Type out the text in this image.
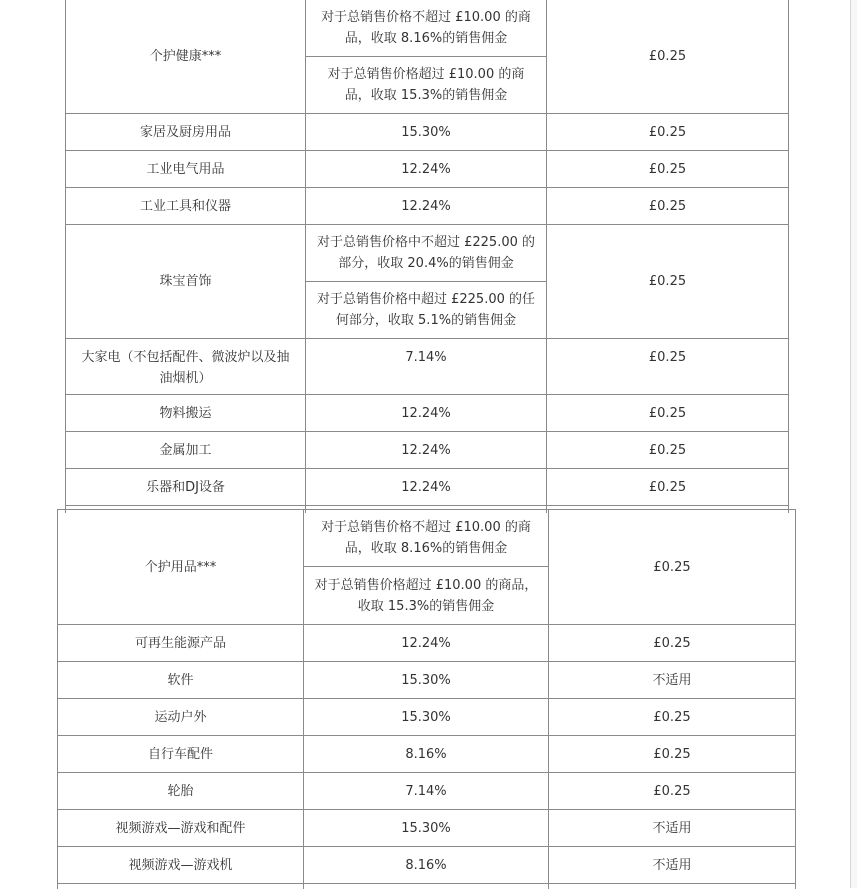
个护健康***	对于总销售价格不超过 £10.00 的商品，收取 8.16%的销售佣金	£0.25
	对于总销售价格超过 £10.00 的商品，收取 15.3%的销售佣金	
家居及厨房用品	15.30%	£0.25
工业电气用品	12.24%	£0.25
工业工具和仪器	12.24%	£0.25
珠宝首饰	对于总销售价格中不超过 £225.00 的部分，收取 20.4%的销售佣金	£0.25
	对于总销售价格中超过 £225.00 的任何部分，收取 5.1%的销售佣金	
大家电（不包括配件、微波炉以及抽油烟机）	7.14%	£0.25
物料搬运	12.24%	£0.25
金属加工	12.24%	£0.25
乐器和DJ设备	12.24%	£0.25

个护用品***	对于总销售价格不超过 £10.00 的商品，收取 8.16%的销售佣金	£0.25
	对于总销售价格超过 £10.00 的商品，收取 15.3%的销售佣金	
可再生能源产品	12.24%	£0.25
软件	15.30%	不适用
运动户外	15.30%	£0.25
自行车配件	8.16%	£0.25
轮胎	7.14%	£0.25
视频游戏—游戏和配件	15.30%	不适用
视频游戏—游戏机	8.16%	不适用
